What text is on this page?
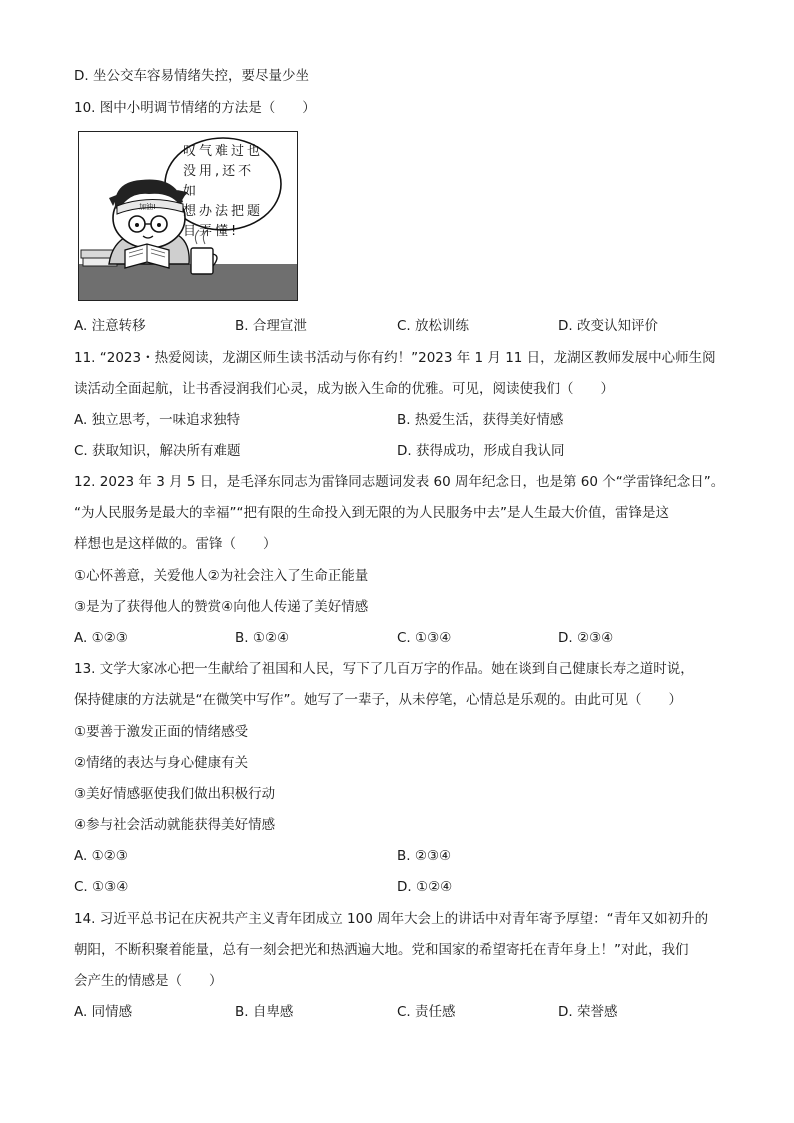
D. 坐公交车容易情绪失控，要尽量少坐
10. 图中小明调节情绪的方法是（　　）
加油!
叹气难过也
没用,还不如
想办法把题
目弄懂!
A. 注意转移	B. 合理宣泄	C. 放松训练	D. 改变认知评价
11. “2023・热爱阅读，龙湖区师生读书活动与你有约！”2023 年 1 月 11 日，龙湖区教师发展中心师生阅
读活动全面起航，让书香浸润我们心灵，成为嵌入生命的优雅。可见，阅读使我们（　　）
A. 独立思考，一味追求独特	B. 热爱生活，获得美好情感
C. 获取知识，解决所有难题	D. 获得成功，形成自我认同
12. 2023 年 3 月 5 日，是毛泽东同志为雷锋同志题词发表 60 周年纪念日，也是第 60 个“学雷锋纪念日”。
“为人民服务是最大的幸福”“把有限的生命投入到无限的为人民服务中去”是人生最大价值，雷锋是这
样想也是这样做的。雷锋（　　）
①心怀善意，关爱他人②为社会注入了生命正能量
③是为了获得他人的赞赏④向他人传递了美好情感
A. ①②③	B. ①②④	C. ①③④	D. ②③④
13. 文学大家冰心把一生献给了祖国和人民，写下了几百万字的作品。她在谈到自己健康长寿之道时说，
保持健康的方法就是“在微笑中写作”。她写了一辈子，从未停笔，心情总是乐观的。由此可见（　　）
①要善于激发正面的情绪感受
②情绪的表达与身心健康有关
③美好情感驱使我们做出积极行动
④参与社会活动就能获得美好情感
A. ①②③	B. ②③④
C. ①③④	D. ①②④
14. 习近平总书记在庆祝共产主义青年团成立 100 周年大会上的讲话中对青年寄予厚望：“青年又如初升的
朝阳，不断积聚着能量，总有一刻会把光和热洒遍大地。党和国家的希望寄托在青年身上！”对此，我们
会产生的情感是（　　）
A. 同情感	B. 自卑感	C. 责任感	D. 荣誉感
